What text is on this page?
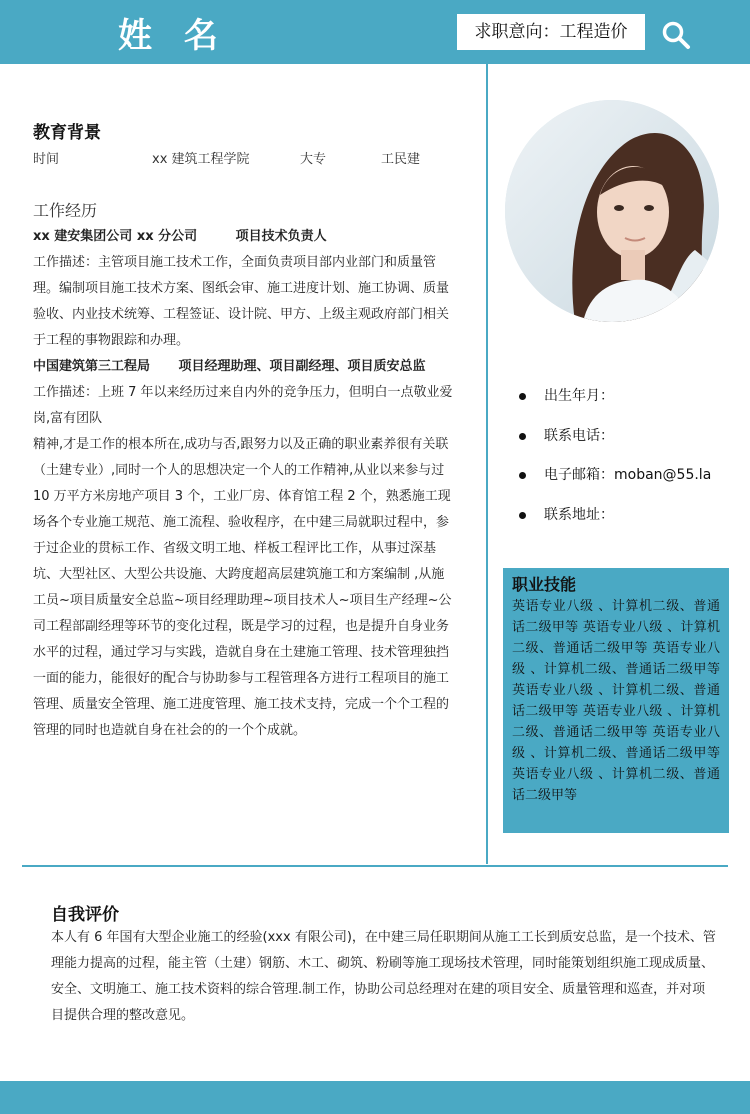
姓 名	求职意向：工程造价
教育背景
时间	xx 建筑工程学院	大专	工民建
工作经历

xx 建安集团公司 xx 分公司	项目技术负责人

工作描述：主管项目施工技术工作，全面负责项目部内业部门和质量管理。编制项目施工技术方案、图纸会审、施工进度计划、施工协调、质量验收、内业技术统筹、工程签证、设计院、甲方、上级主观政府部门相关于工程的事物跟踪和办理。

中国建筑第三工程局 项目经理助理、项目副经理、项目质安总监

工作描述：上班 7 年以来经历过来自内外的竞争压力，但明白一点敬业爱岗,富有团队

精神,才是工作的根本所在,成功与否,跟努力以及正确的职业素养很有关联（土建专业）,同时一个人的思想决定一个人的工作精神,从业以来参与过 10 万平方米房地产项目 3 个，工业厂房、体育馆工程 2 个，熟悉施工现场各个专业施工规范、施工流程、验收程序，在中建三局就职过程中，参于过企业的贯标工作、省级文明工地、样板工程评比工作，从事过深基坑、大型社区、大型公共设施、大跨度超高层建筑施工和方案编制 ,从施工员~项目质量安全总监~项目经理助理~项目技术人~项目生产经理~公司工程部副经理等环节的变化过程，既是学习的过程，也是提升自身业务水平的过程，通过学习与实践，造就自身在土建施工管理、技术管理独挡一面的能力，能很好的配合与协助参与工程管理各方进行工程项目的施工管理、质量安全管理、施工进度管理、施工技术支持，完成一个个工程的管理的同时也造就自身在社会的的一个个成就。

出生年月：
联系电话：
电子邮箱：moban@55.la
联系地址：
职业技能
英语专业八级 、计算机二级、普通话二级甲等 英语专业八级 、计算机二级、普通话二级甲等 英语专业八级 、计算机二级、普通话二级甲等 英语专业八级 、计算机二级、普通话二级甲等 英语专业八级 、计算机二级、普通话二级甲等 英语专业八级 、计算机二级、普通话二级甲等 英语专业八级 、计算机二级、普通话二级甲等
自我评价
本人有 6 年国有大型企业施工的经验(xxx 有限公司)，在中建三局任职期间从施工工长到质安总监，是一个技术、管理能力提高的过程，能主管（土建）钢筋、木工、砌筑、粉刷等施工现场技术管理，同时能策划组织施工现成质量、安全、文明施工、施工技术资料的综合管理.制工作，协助公司总经理对在建的项目安全、质量管理和巡查，并对项目提供合理的整改意见。
